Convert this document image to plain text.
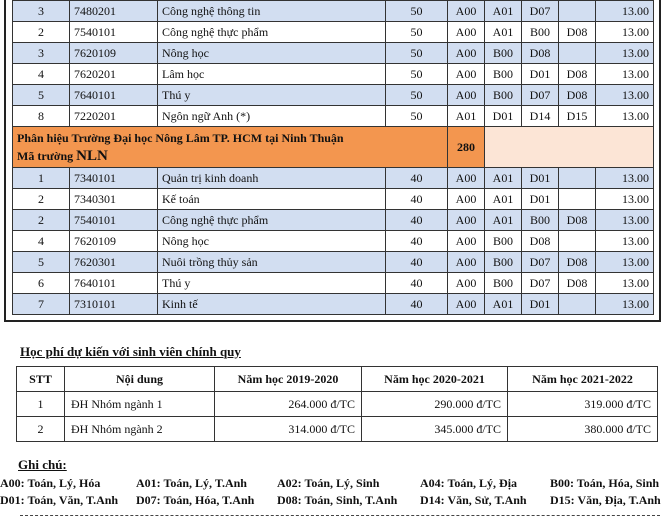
3	7480201	Công nghệ thông tin	50	A00	A01	D07		13.00
2	7540101	Công nghệ thực phẩm	50	A00	A01	B00	D08	13.00
3	7620109	Nông học	50	A00	B00	D08		13.00
4	7620201	Lâm học	50	A00	B00	D01	D08	13.00
5	7640101	Thú y	50	A00	B00	D07	D08	13.00
8	7220201	Ngôn ngữ Anh (*)	50	A01	D01	D14	D15	13.00
Phân hiệu Trường Đại học Nông Lâm TP. HCM tại Ninh Thuận
Mã trường NLN				280				
1	7340101	Quản trị kinh doanh	40	A00	A01	D01		13.00
2	7340301	Kế toán	40	A00	A01	D01		13.00
2	7540101	Công nghệ thực phẩm	40	A00	A01	B00	D08	13.00
4	7620109	Nông học	40	A00	B00	D08		13.00
5	7620301	Nuôi trồng thủy sản	40	A00	B00	D07	D08	13.00
6	7640101	Thú y	40	A00	B00	D07	D08	13.00
7	7310101	Kinh tế	40	A00	A01	D01		13.00
Học phí dự kiến với sinh viên chính quy
STT	Nội dung	Năm học 2019-2020	Năm học 2020-2021	Năm học 2021-2022
1	ĐH Nhóm ngành 1	264.000 đ/TC	290.000 đ/TC	319.000 đ/TC
2	ĐH Nhóm ngành 2	314.000 đ/TC	345.000 đ/TC	380.000 đ/TC
Ghi chú:
A00: Toán, Lý, Hóa	A01: Toán, Lý, T.Anh	A02: Toán, Lý, Sinh	A04: Toán, Lý, Địa	B00: Toán, Hóa, Sinh
D01: Toán, Văn, T.Anh D07: Toán, Hóa, T.Anh D08: Toán, Sinh, T.Anh D14: Văn, Sử, T.Anh D15: Văn, Địa, T.Anh
